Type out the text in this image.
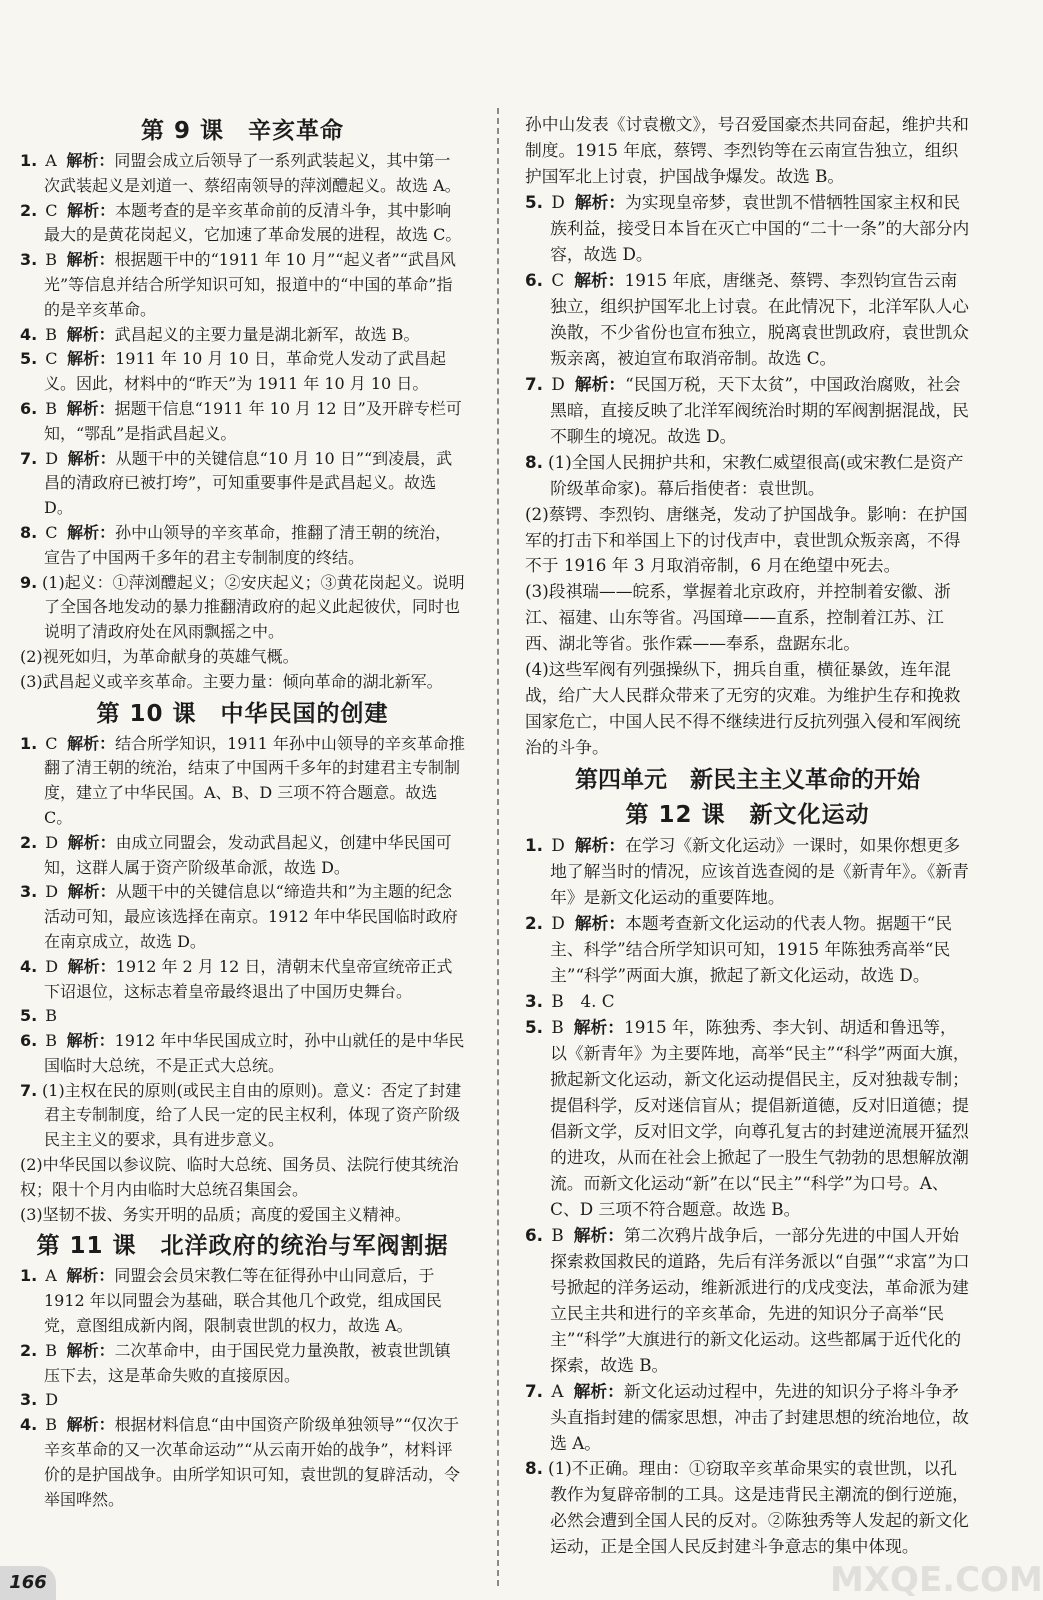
第 9 课　辛亥革命

1. A 解析：同盟会成立后领导了一系列武装起义，其中第一次武装起义是刘道一、蔡绍南领导的萍浏醴起义。故选 A。

2. C 解析：本题考查的是辛亥革命前的反清斗争，其中影响最大的是黄花岗起义，它加速了革命发展的进程，故选 C。

3. B 解析：根据题干中的“1911 年 10 月”“起义者”“武昌风光”等信息并结合所学知识可知，报道中的“中国的革命”指的是辛亥革命。

4. B 解析：武昌起义的主要力量是湖北新军，故选 B。

5. C 解析：1911 年 10 月 10 日，革命党人发动了武昌起义。因此，材料中的“昨天”为 1911 年 10 月 10 日。

6. B 解析：据题干信息“1911 年 10 月 12 日”及开辟专栏可知，“鄂乱”是指武昌起义。

7. D 解析：从题干中的关键信息“10 月 10 日”“到凌晨，武昌的清政府已被打垮”，可知重要事件是武昌起义。故选 D。

8. C 解析：孙中山领导的辛亥革命，推翻了清王朝的统治，宣告了中国两千多年的君主专制制度的终结。

9. (1)起义：①萍浏醴起义；②安庆起义；③黄花岗起义。说明了全国各地发动的暴力推翻清政府的起义此起彼伏，同时也说明了清政府处在风雨飘摇之中。

(2)视死如归，为革命献身的英雄气概。

(3)武昌起义或辛亥革命。主要力量：倾向革命的湖北新军。

第 10 课　中华民国的创建

1. C 解析：结合所学知识，1911 年孙中山领导的辛亥革命推翻了清王朝的统治，结束了中国两千多年的封建君主专制制度，建立了中华民国。A、B、D 三项不符合题意。故选 C。

2. D 解析：由成立同盟会，发动武昌起义，创建中华民国可知，这群人属于资产阶级革命派，故选 D。

3. D 解析：从题干中的关键信息以“缔造共和”为主题的纪念活动可知，最应该选择在南京。1912 年中华民国临时政府在南京成立，故选 D。

4. D 解析：1912 年 2 月 12 日，清朝末代皇帝宣统帝正式下诏退位，这标志着皇帝最终退出了中国历史舞台。

5. B

6. B 解析：1912 年中华民国成立时，孙中山就任的是中华民国临时大总统，不是正式大总统。

7. (1)主权在民的原则(或民主自由的原则)。意义：否定了封建君主专制制度，给了人民一定的民主权利，体现了资产阶级民主主义的要求，具有进步意义。

(2)中华民国以参议院、临时大总统、国务员、法院行使其统治权；限十个月内由临时大总统召集国会。

(3)坚韧不拔、务实开明的品质；高度的爱国主义精神。

第 11 课　北洋政府的统治与军阀割据

1. A 解析：同盟会会员宋教仁等在征得孙中山同意后，于 1912 年以同盟会为基础，联合其他几个政党，组成国民党，意图组成新内阁，限制袁世凯的权力，故选 A。

2. B 解析：二次革命中，由于国民党力量涣散，被袁世凯镇压下去，这是革命失败的直接原因。

3. D

4. B 解析：根据材料信息“由中国资产阶级单独领导”“仅次于辛亥革命的又一次革命运动”“从云南开始的战争”，材料评价的是护国战争。由所学知识可知，袁世凯的复辟活动，令举国哗然。

孙中山发表《讨袁檄文》，号召爱国豪杰共同奋起，维护共和制度。1915 年底，蔡锷、李烈钧等在云南宣告独立，组织护国军北上讨袁，护国战争爆发。故选 B。

5. D 解析：为实现皇帝梦，袁世凯不惜牺牲国家主权和民族利益，接受日本旨在灭亡中国的“二十一条”的大部分内容，故选 D。

6. C 解析：1915 年底，唐继尧、蔡锷、李烈钧宣告云南独立，组织护国军北上讨袁。在此情况下，北洋军队人心涣散，不少省份也宣布独立，脱离袁世凯政府，袁世凯众叛亲离，被迫宣布取消帝制。故选 C。

7. D 解析：“民国万税，天下太贫”，中国政治腐败，社会黑暗，直接反映了北洋军阀统治时期的军阀割据混战，民不聊生的境况。故选 D。

8. (1)全国人民拥护共和，宋教仁威望很高(或宋教仁是资产阶级革命家)。幕后指使者：袁世凯。

(2)蔡锷、李烈钧、唐继尧，发动了护国战争。影响：在护国军的打击下和举国上下的讨伐声中，袁世凯众叛亲离，不得不于 1916 年 3 月取消帝制，6 月在绝望中死去。

(3)段祺瑞——皖系，掌握着北京政府，并控制着安徽、浙江、福建、山东等省。冯国璋——直系，控制着江苏、江西、湖北等省。张作霖——奉系，盘踞东北。

(4)这些军阀有列强操纵下，拥兵自重，横征暴敛，连年混战，给广大人民群众带来了无穷的灾难。为维护生存和挽救国家危亡，中国人民不得不继续进行反抗列强入侵和军阀统治的斗争。

第四单元　新民主主义革命的开始
第 12 课　新文化运动

1. D 解析：在学习《新文化运动》一课时，如果你想更多地了解当时的情况，应该首选查阅的是《新青年》。《新青年》是新文化运动的重要阵地。

2. D 解析：本题考查新文化运动的代表人物。据题干“民主、科学”结合所学知识可知，1915 年陈独秀高举“民主”“科学”两面大旗，掀起了新文化运动，故选 D。

3. B　4. C

5. B 解析：1915 年，陈独秀、李大钊、胡适和鲁迅等，以《新青年》为主要阵地，高举“民主”“科学”两面大旗，掀起新文化运动，新文化运动提倡民主，反对独裁专制；提倡科学，反对迷信盲从；提倡新道德，反对旧道德；提倡新文学，反对旧文学，向尊孔复古的封建逆流展开猛烈的进攻，从而在社会上掀起了一股生气勃勃的思想解放潮流。而新文化运动“新”在以“民主”“科学”为口号。A、C、D 三项不符合题意。故选 B。

6. B 解析：第二次鸦片战争后，一部分先进的中国人开始探索救国救民的道路，先后有洋务派以“自强”“求富”为口号掀起的洋务运动，维新派进行的戊戌变法，革命派为建立民主共和进行的辛亥革命，先进的知识分子高举“民主”“科学”大旗进行的新文化运动。这些都属于近代化的探索，故选 B。

7. A 解析：新文化运动过程中，先进的知识分子将斗争矛头直指封建的儒家思想，冲击了封建思想的统治地位，故选 A。

8. (1)不正确。理由：①窃取辛亥革命果实的袁世凯，以孔教作为复辟帝制的工具。这是违背民主潮流的倒行逆施，必然会遭到全国人民的反对。②陈独秀等人发起的新文化运动，正是全国人民反封建斗争意志的集中体现。

MXQE.COM
166
